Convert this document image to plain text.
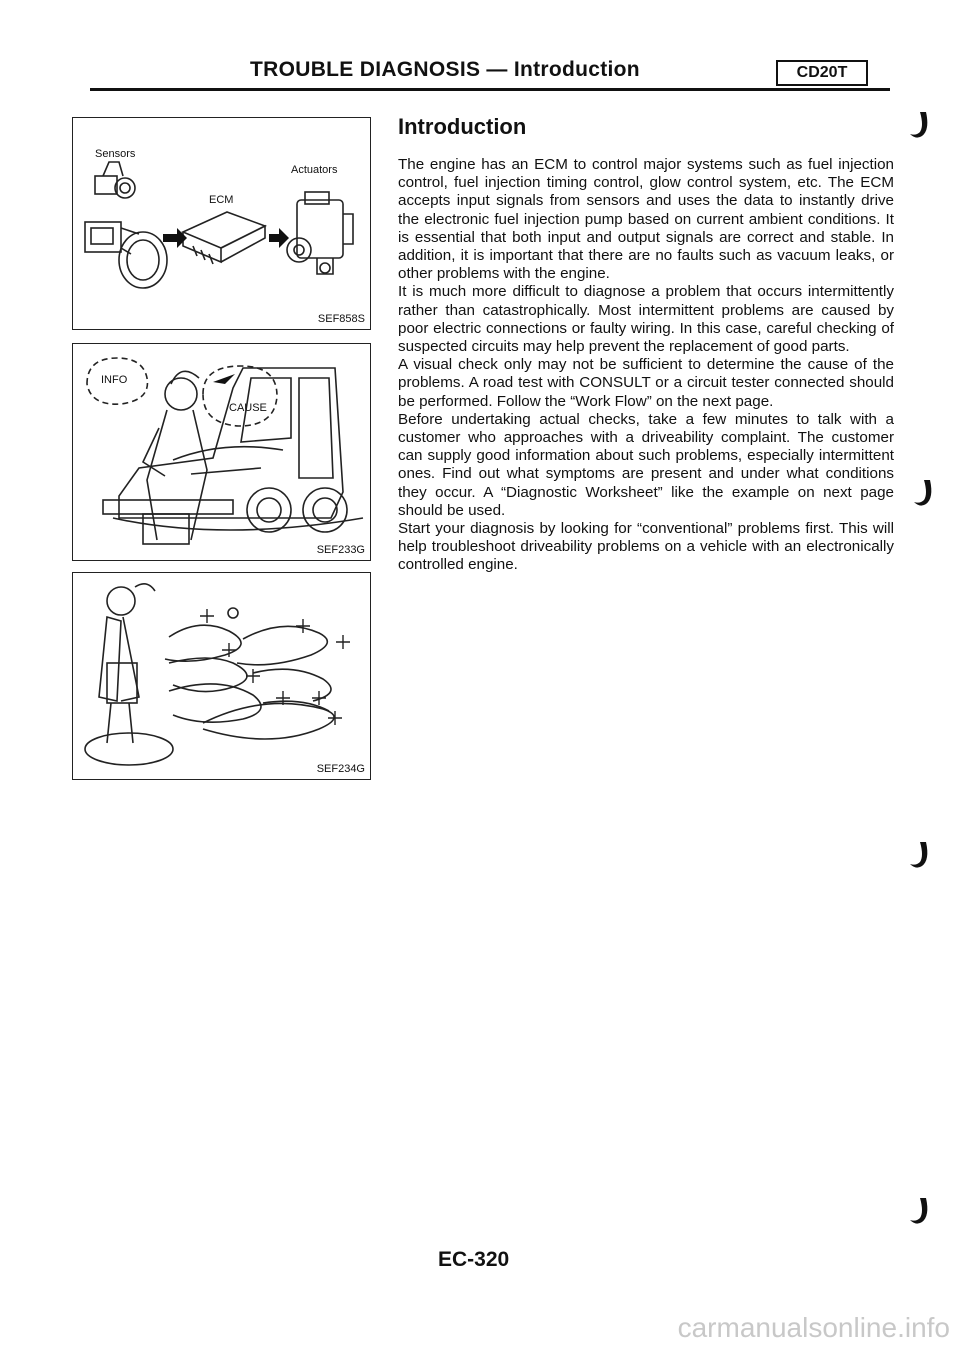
TROUBLE DIAGNOSIS — Introduction	CD20T
Sensors
ECM
Actuators
SEF858S
INFO
CAUSE
SEF233G
SEF234G
Introduction

The engine has an ECM to control major systems such as fuel injection control, fuel injection timing control, glow control system, etc. The ECM accepts input signals from sensors and uses the data to instantly drive the electronic fuel injection pump based on current ambient conditions. It is essential that both input and output signals are correct and stable. In addition, it is important that there are no faults such as vacuum leaks, or other problems with the engine.

It is much more difficult to diagnose a problem that occurs intermittently rather than catastrophically. Most intermittent problems are caused by poor electric connections or faulty wiring. In this case, careful checking of suspected circuits may help prevent the replacement of good parts.

A visual check only may not be sufficient to determine the cause of the problems. A road test with CONSULT or a circuit tester connected should be performed. Follow the “Work Flow” on the next page.

Before undertaking actual checks, take a few minutes to talk with a customer who approaches with a driveability complaint. The customer can supply good information about such problems, especially intermittent ones. Find out what symptoms are present and under what conditions they occur. A “Diagnostic Worksheet” like the example on next page should be used.

Start your diagnosis by looking for “conventional” problems first. This will help troubleshoot driveability problems on a vehicle with an electronically controlled engine.

EC-320
carmanualsonline.info
